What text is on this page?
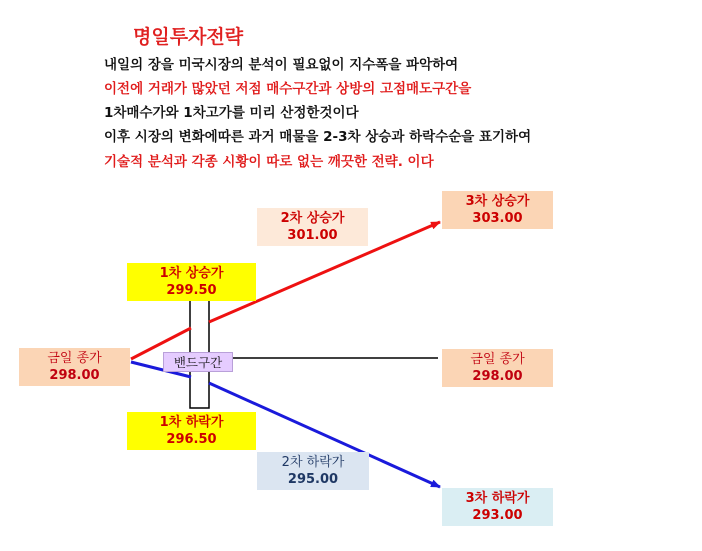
명일투자전략
내일의 장을 미국시장의 분석이 필요없이 지수폭을 파악하여
이전에 거래가 많았던 저점 매수구간과 상방의 고점매도구간을
1차매수가와 1차고가를 미리 산정한것이다
이후 시장의 변화에따른 과거 매물을 2-3차 상승과 하락수순을 표기하여
기술적 분석과 각종 시황이 따로 없는 깨끗한 전략. 이다
밴드구간
금일 종가
298.00
1차 상승가
299.50
2차 상승가
301.00
3차 상승가
303.00
금일 종가
298.00
1차 하락가
296.50
2차 하락가
295.00
3차 하락가
293.00
